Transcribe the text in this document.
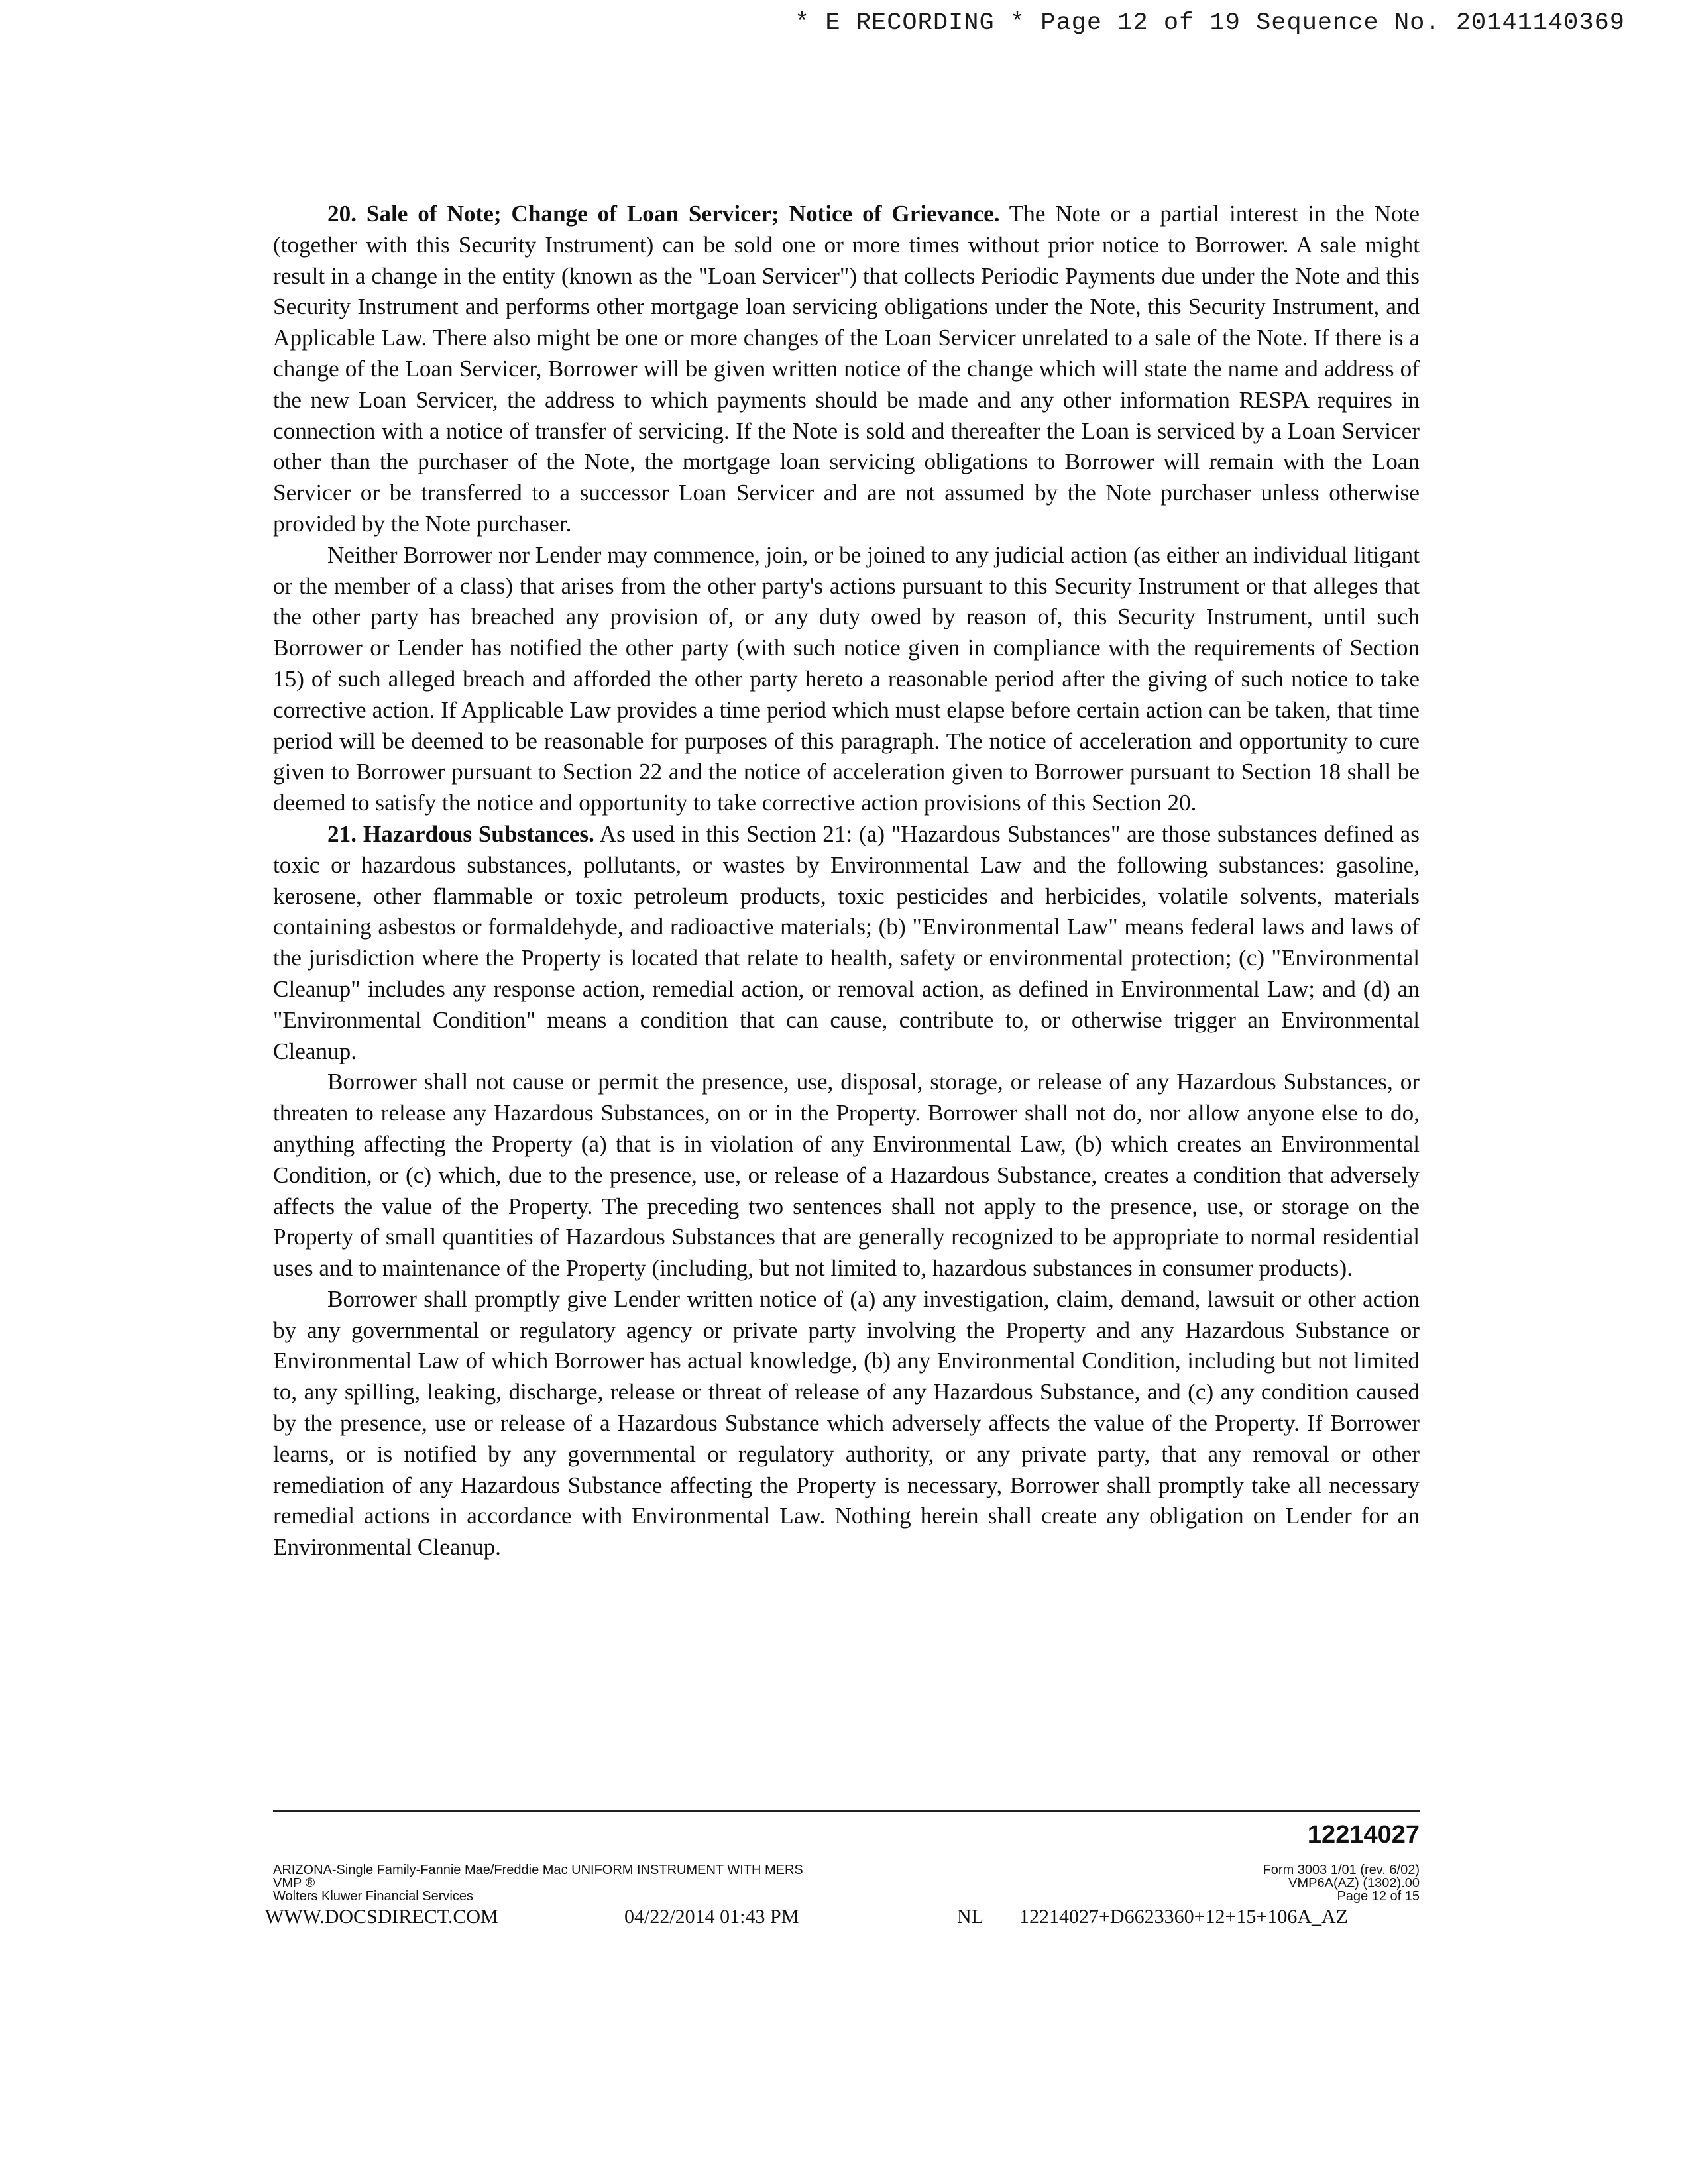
* E RECORDING * Page 12 of 19 Sequence No. 20141140369

20. Sale of Note; Change of Loan Servicer; Notice of Grievance. The Note or a partial interest in the Note (together with this Security Instrument) can be sold one or more times without prior notice to Borrower. A sale might result in a change in the entity (known as the "Loan Servicer") that collects Periodic Payments due under the Note and this Security Instrument and performs other mortgage loan servicing obligations under the Note, this Security Instrument, and Applicable Law. There also might be one or more changes of the Loan Servicer unrelated to a sale of the Note. If there is a change of the Loan Servicer, Borrower will be given written notice of the change which will state the name and address of the new Loan Servicer, the address to which payments should be made and any other information RESPA requires in connection with a notice of transfer of servicing. If the Note is sold and thereafter the Loan is serviced by a Loan Servicer other than the purchaser of the Note, the mortgage loan servicing obligations to Borrower will remain with the Loan Servicer or be transferred to a successor Loan Servicer and are not assumed by the Note purchaser unless otherwise provided by the Note purchaser.

Neither Borrower nor Lender may commence, join, or be joined to any judicial action (as either an individual litigant or the member of a class) that arises from the other party's actions pursuant to this Security Instrument or that alleges that the other party has breached any provision of, or any duty owed by reason of, this Security Instrument, until such Borrower or Lender has notified the other party (with such notice given in compliance with the requirements of Section 15) of such alleged breach and afforded the other party hereto a reasonable period after the giving of such notice to take corrective action. If Applicable Law provides a time period which must elapse before certain action can be taken, that time period will be deemed to be reasonable for purposes of this paragraph. The notice of acceleration and opportunity to cure given to Borrower pursuant to Section 22 and the notice of acceleration given to Borrower pursuant to Section 18 shall be deemed to satisfy the notice and opportunity to take corrective action provisions of this Section 20.

21. Hazardous Substances. As used in this Section 21: (a) "Hazardous Substances" are those substances defined as toxic or hazardous substances, pollutants, or wastes by Environmental Law and the following substances: gasoline, kerosene, other flammable or toxic petroleum products, toxic pesticides and herbicides, volatile solvents, materials containing asbestos or formaldehyde, and radioactive materials; (b) "Environmental Law" means federal laws and laws of the jurisdiction where the Property is located that relate to health, safety or environmental protection; (c) "Environmental Cleanup" includes any response action, remedial action, or removal action, as defined in Environmental Law; and (d) an "Environmental Condition" means a condition that can cause, contribute to, or otherwise trigger an Environmental Cleanup.

Borrower shall not cause or permit the presence, use, disposal, storage, or release of any Hazardous Substances, or threaten to release any Hazardous Substances, on or in the Property. Borrower shall not do, nor allow anyone else to do, anything affecting the Property (a) that is in violation of any Environmental Law, (b) which creates an Environmental Condition, or (c) which, due to the presence, use, or release of a Hazardous Substance, creates a condition that adversely affects the value of the Property. The preceding two sentences shall not apply to the presence, use, or storage on the Property of small quantities of Hazardous Substances that are generally recognized to be appropriate to normal residential uses and to maintenance of the Property (including, but not limited to, hazardous substances in consumer products).

Borrower shall promptly give Lender written notice of (a) any investigation, claim, demand, lawsuit or other action by any governmental or regulatory agency or private party involving the Property and any Hazardous Substance or Environmental Law of which Borrower has actual knowledge, (b) any Environmental Condition, including but not limited to, any spilling, leaking, discharge, release or threat of release of any Hazardous Substance, and (c) any condition caused by the presence, use or release of a Hazardous Substance which adversely affects the value of the Property. If Borrower learns, or is notified by any governmental or regulatory authority, or any private party, that any removal or other remediation of any Hazardous Substance affecting the Property is necessary, Borrower shall promptly take all necessary remedial actions in accordance with Environmental Law. Nothing herein shall create any obligation on Lender for an Environmental Cleanup.

12214027
ARIZONA-Single Family-Fannie Mae/Freddie Mac UNIFORM INSTRUMENT WITH MERS
VMP ®
Wolters Kluwer Financial Services
Form 3003 1/01 (rev. 6/02)
VMP6A(AZ) (1302).00
Page 12 of 15
WWW.DOCSDIRECT.COM	04/22/2014 01:43 PM	NL 12214027+D6623360+12+15+106A_AZ
